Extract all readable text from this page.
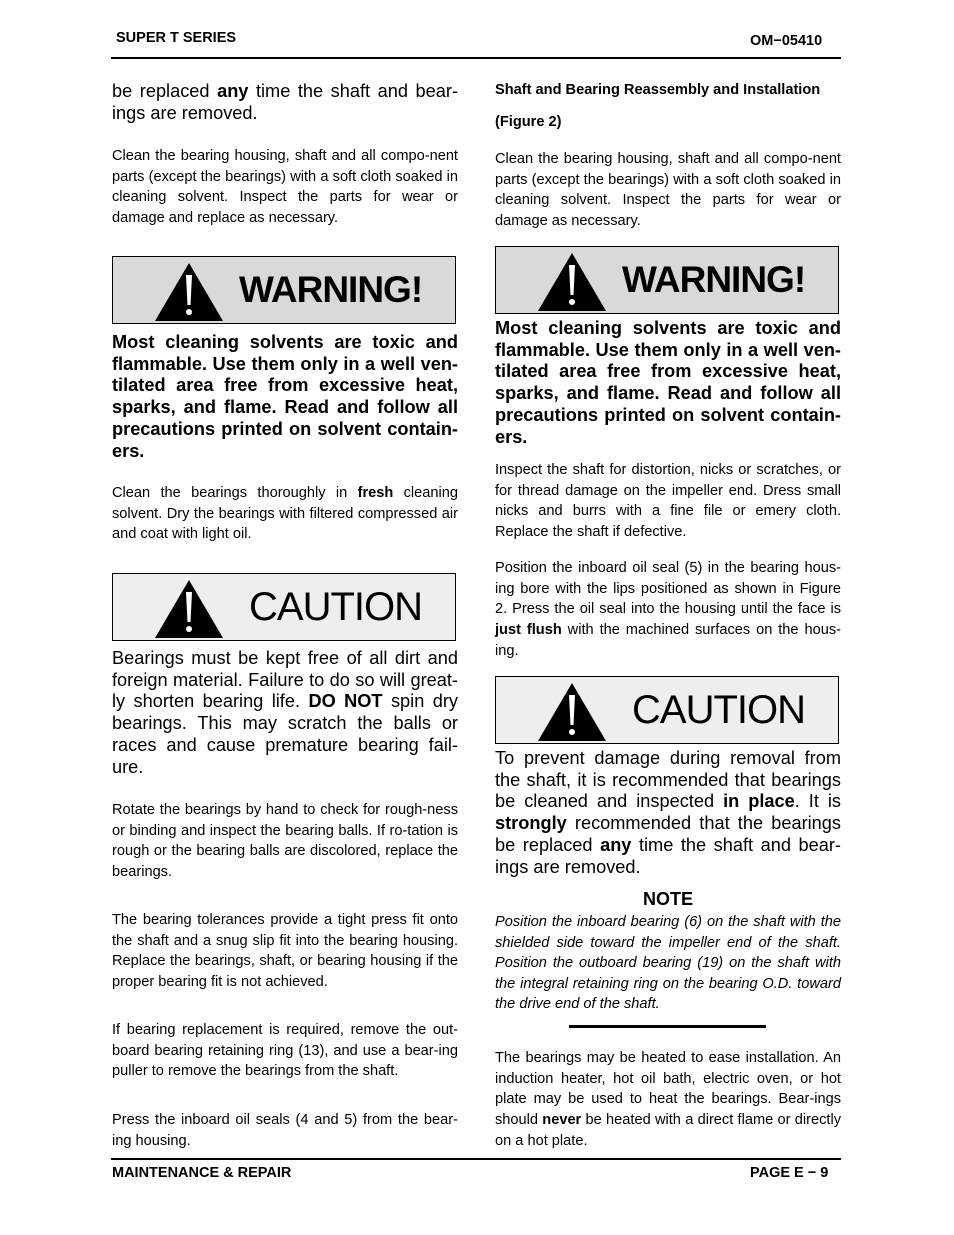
SUPER T SERIES	OM−05410
be replaced any time the shaft and bear-ings are removed.
Clean the bearing housing, shaft and all compo-nent parts (except the bearings) with a soft cloth soaked in cleaning solvent. Inspect the parts for wear or damage and replace as necessary.
WARNING!
Most cleaning solvents are toxic and flammable. Use them only in a well ven-tilated area free from excessive heat, sparks, and flame. Read and follow all precautions printed on solvent contain-ers.
Clean the bearings thoroughly in fresh cleaning solvent. Dry the bearings with filtered compressed air and coat with light oil.
CAUTION
Bearings must be kept free of all dirt and foreign material. Failure to do so will great-ly shorten bearing life. DO NOT spin dry bearings. This may scratch the balls or races and cause premature bearing fail-ure.
Rotate the bearings by hand to check for rough-ness or binding and inspect the bearing balls. If ro-tation is rough or the bearing balls are discolored, replace the bearings.
The bearing tolerances provide a tight press fit onto the shaft and a snug slip fit into the bearing housing. Replace the bearings, shaft, or bearing housing if the proper bearing fit is not achieved.
If bearing replacement is required, remove the out-board bearing retaining ring (13), and use a bear-ing puller to remove the bearings from the shaft.
Press the inboard oil seals (4 and 5) from the bear-ing housing.
Shaft and Bearing Reassembly and Installation
(Figure 2)
Clean the bearing housing, shaft and all compo-nent parts (except the bearings) with a soft cloth soaked in cleaning solvent. Inspect the parts for wear or damage as necessary.
WARNING!
Most cleaning solvents are toxic and flammable. Use them only in a well ven-tilated area free from excessive heat, sparks, and flame. Read and follow all precautions printed on solvent contain-ers.
Inspect the shaft for distortion, nicks or scratches, or for thread damage on the impeller end. Dress small nicks and burrs with a fine file or emery cloth. Replace the shaft if defective.
Position the inboard oil seal (5) in the bearing hous-ing bore with the lips positioned as shown in Figure 2. Press the oil seal into the housing until the face is just flush with the machined surfaces on the hous-ing.
CAUTION
To prevent damage during removal from the shaft, it is recommended that bearings be cleaned and inspected in place. It is strongly recommended that the bearings be replaced any time the shaft and bear-ings are removed.
NOTE
Position the inboard bearing (6) on the shaft with the shielded side toward the impeller end of the shaft. Position the outboard bearing (19) on the shaft with the integral retaining ring on the bearing O.D. toward the drive end of the shaft.
The bearings may be heated to ease installation. An induction heater, hot oil bath, electric oven, or hot plate may be used to heat the bearings. Bear-ings should never be heated with a direct flame or directly on a hot plate.
MAINTENANCE & REPAIR	PAGE E − 9
